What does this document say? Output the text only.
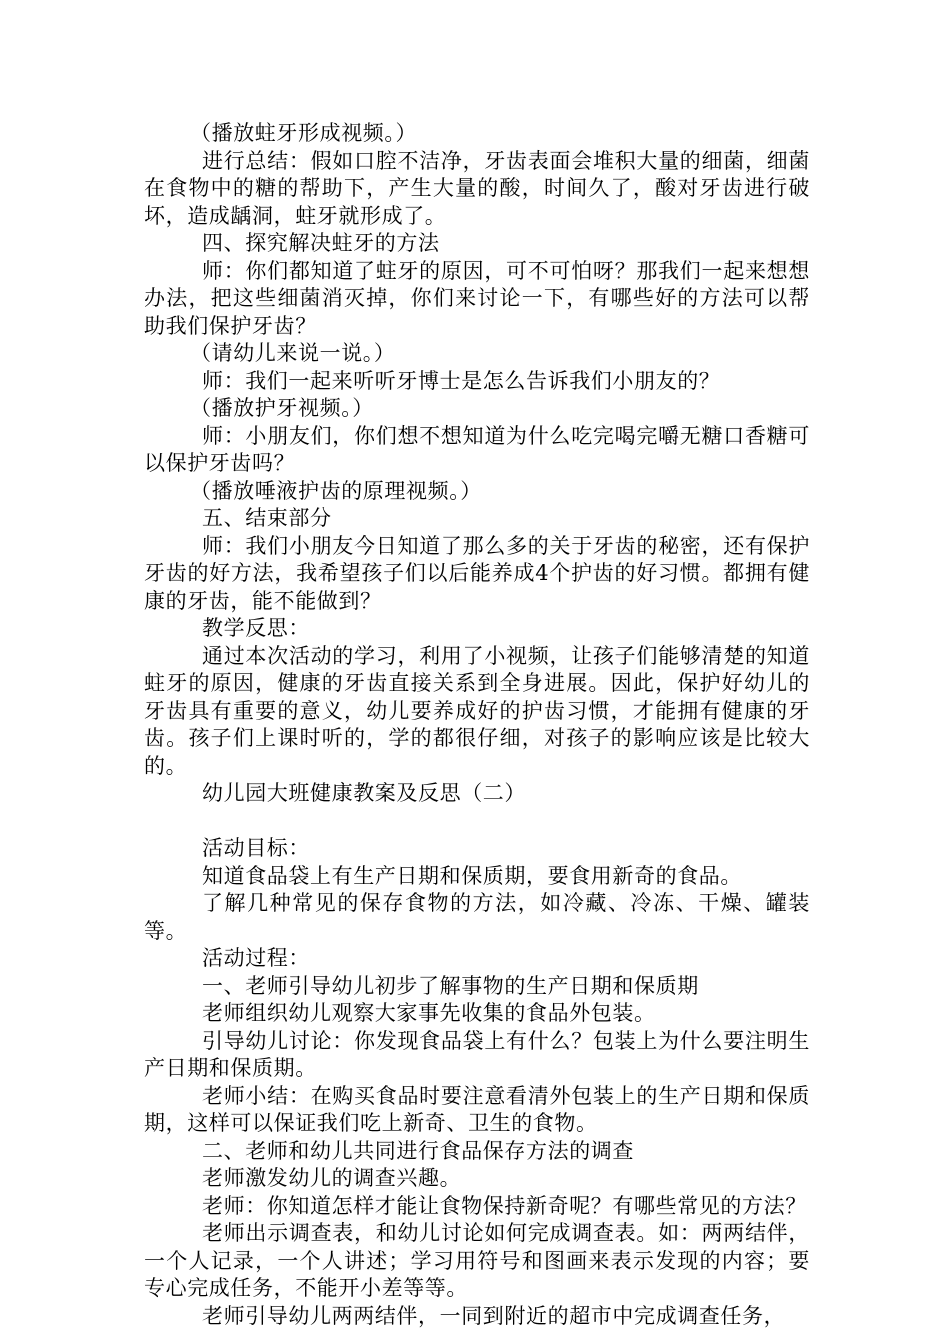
（播放蛀牙形成视频。）

进行总结：假如口腔不洁净，牙齿表面会堆积大量的细菌，细菌在食物中的糖的帮助下，产生大量的酸，时间久了，酸对牙齿进行破坏，造成龋洞，蛀牙就形成了。

四、探究解决蛀牙的方法

师：你们都知道了蛀牙的原因，可不可怕呀？那我们一起来想想办法，把这些细菌消灭掉，你们来讨论一下，有哪些好的方法可以帮助我们保护牙齿？

（请幼儿来说一说。）

师：我们一起来听听牙博士是怎么告诉我们小朋友的？

（播放护牙视频。）

师：小朋友们，你们想不想知道为什么吃完喝完嚼无糖口香糖可以保护牙齿吗？

（播放唾液护齿的原理视频。）

五、结束部分

师：我们小朋友今日知道了那么多的关于牙齿的秘密，还有保护牙齿的好方法，我希望孩子们以后能养成4个护齿的好习惯。都拥有健康的牙齿，能不能做到？

教学反思：

通过本次活动的学习，利用了小视频，让孩子们能够清楚的知道蛀牙的原因，健康的牙齿直接关系到全身进展。因此，保护好幼儿的牙齿具有重要的意义，幼儿要养成好的护齿习惯，才能拥有健康的牙齿。孩子们上课时听的，学的都很仔细，对孩子的影响应该是比较大的。

幼儿园大班健康教案及反思（二）

活动目标：

知道食品袋上有生产日期和保质期，要食用新奇的食品。

了解几种常见的保存食物的方法，如冷藏、冷冻、干燥、罐装等。

活动过程：

一、老师引导幼儿初步了解事物的生产日期和保质期

老师组织幼儿观察大家事先收集的食品外包装。

引导幼儿讨论：你发现食品袋上有什么？包装上为什么要注明生产日期和保质期。

老师小结：在购买食品时要注意看清外包装上的生产日期和保质期，这样可以保证我们吃上新奇、卫生的食物。

二、老师和幼儿共同进行食品保存方法的调查

老师激发幼儿的调查兴趣。

老师：你知道怎样才能让食物保持新奇呢？有哪些常见的方法？

老师出示调查表，和幼儿讨论如何完成调查表。如：两两结伴，一个人记录，一个人讲述；学习用符号和图画来表示发现的内容；要专心完成任务，不能开小差等等。

老师引导幼儿两两结伴，一同到附近的超市中完成调查任务，
